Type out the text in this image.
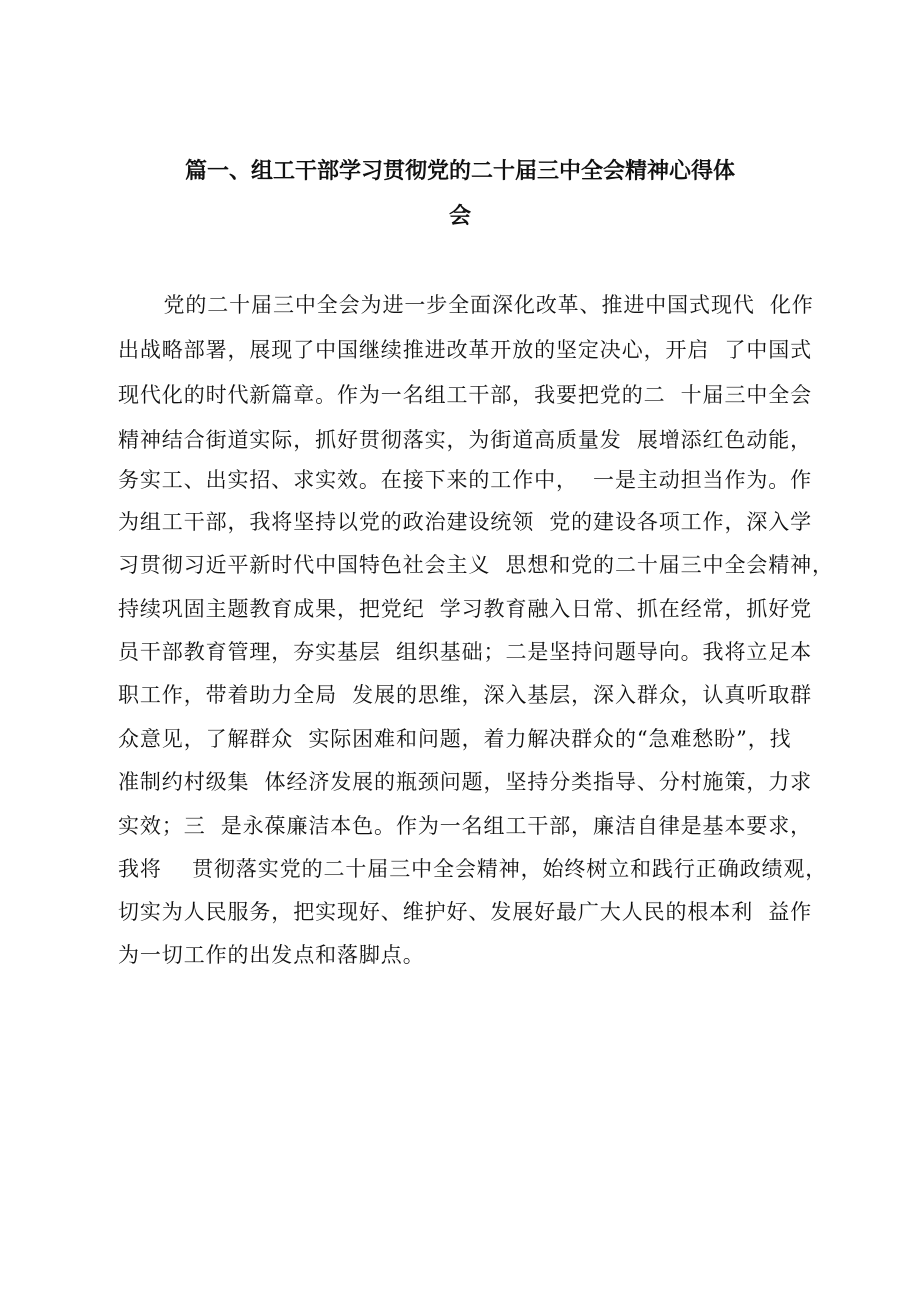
篇一、组工干部学习贯彻党的二十届三中全会精神心得体
会

党的二十届三中全会为进一步全面深化改革、推进中国式现代  化作

出战略部署，展现了中国继续推进改革开放的坚定决心，开启  了中国式

现代化的时代新篇章。作为一名组工干部，我要把党的二  十届三中全会

精神结合街道实际，抓好贯彻落实，为街道高质量发  展增添红色动能，

务实工、出实招、求实效。在接下来的工作中，  一是主动担当作为。作

为组工干部，我将坚持以党的政治建设统领  党的建设各项工作，深入学

习贯彻习近平新时代中国特色社会主义  思想和党的二十届三中全会精神，

持续巩固主题教育成果，把党纪  学习教育融入日常、抓在经常，抓好党

员干部教育管理，夯实基层  组织基础；二是坚持问题导向。我将立足本

职工作，带着助力全局  发展的思维，深入基层，深入群众，认真听取群

众意见，了解群众  实际困难和问题，着力解决群众的“急难愁盼”，找

准制约村级集  体经济发展的瓶颈问题，坚持分类指导、分村施策，力求

实效；三  是永葆廉洁本色。作为一名组工干部，廉洁自律是基本要求，

我将    贯彻落实党的二十届三中全会精神，始终树立和践行正确政绩观，

切实为人民服务，把实现好、维护好、发展好最广大人民的根本利  益作

为一切工作的出发点和落脚点。
